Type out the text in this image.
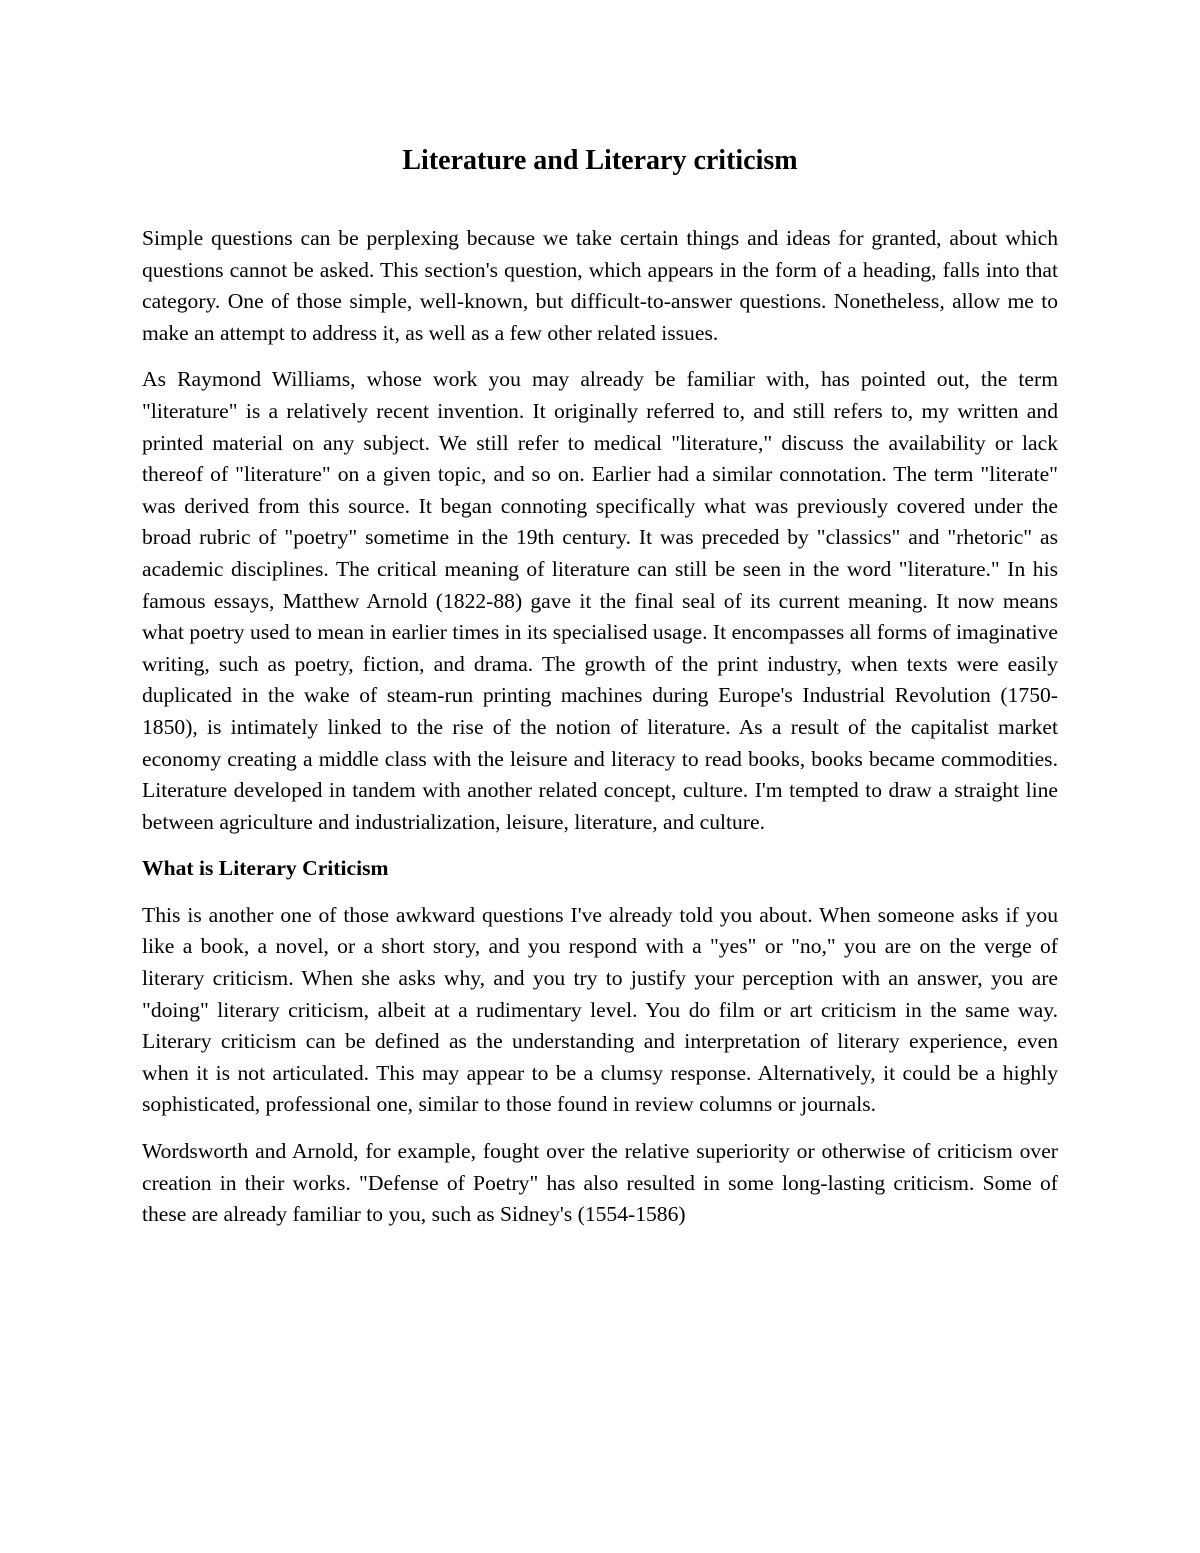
Literature and Literary criticism

Simple questions can be perplexing because we take certain things and ideas for granted, about which questions cannot be asked. This section's question, which appears in the form of a heading, falls into that category. One of those simple, well-known, but difficult-to-answer questions. Nonetheless, allow me to make an attempt to address it, as well as a few other related issues.

As Raymond Williams, whose work you may already be familiar with, has pointed out, the term "literature" is a relatively recent invention. It originally referred to, and still refers to, my written and printed material on any subject. We still refer to medical "literature," discuss the availability or lack thereof of "literature" on a given topic, and so on. Earlier had a similar connotation. The term "literate" was derived from this source. It began connoting specifically what was previously covered under the broad rubric of "poetry" sometime in the 19th century. It was preceded by "classics" and "rhetoric" as academic disciplines. The critical meaning of literature can still be seen in the word "literature." In his famous essays, Matthew Arnold (1822-88) gave it the final seal of its current meaning. It now means what poetry used to mean in earlier times in its specialised usage. It encompasses all forms of imaginative writing, such as poetry, fiction, and drama. The growth of the print industry, when texts were easily duplicated in the wake of steam-run printing machines during Europe's Industrial Revolution (1750-1850), is intimately linked to the rise of the notion of literature. As a result of the capitalist market economy creating a middle class with the leisure and literacy to read books, books became commodities. Literature developed in tandem with another related concept, culture. I'm tempted to draw a straight line between agriculture and industrialization, leisure, literature, and culture.

What is Literary Criticism

This is another one of those awkward questions I've already told you about. When someone asks if you like a book, a novel, or a short story, and you respond with a "yes" or "no," you are on the verge of literary criticism. When she asks why, and you try to justify your perception with an answer, you are "doing" literary criticism, albeit at a rudimentary level. You do film or art criticism in the same way. Literary criticism can be defined as the understanding and interpretation of literary experience, even when it is not articulated. This may appear to be a clumsy response. Alternatively, it could be a highly sophisticated, professional one, similar to those found in review columns or journals.

Wordsworth and Arnold, for example, fought over the relative superiority or otherwise of criticism over creation in their works. "Defense of Poetry" has also resulted in some long-lasting criticism. Some of these are already familiar to you, such as Sidney's (1554-1586)
